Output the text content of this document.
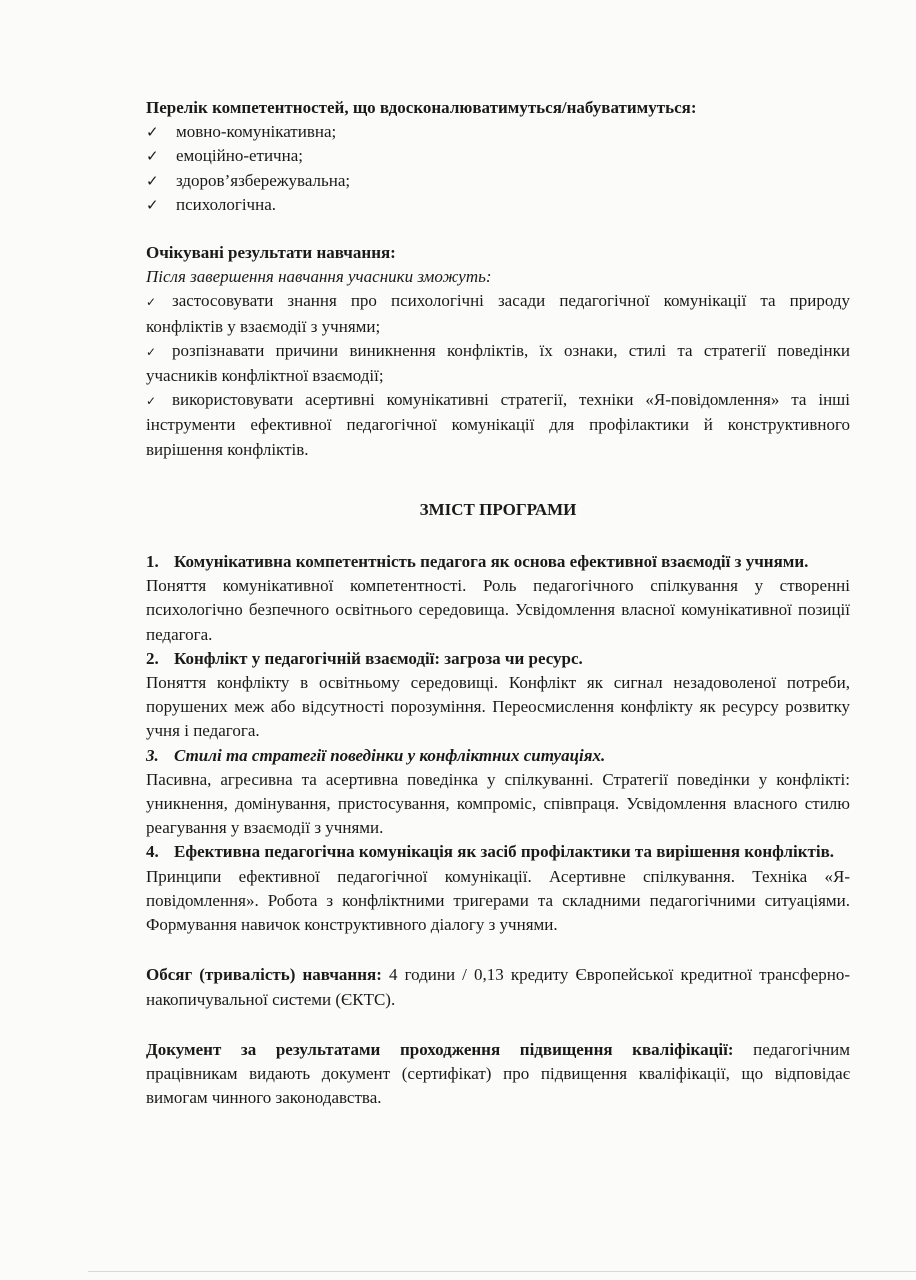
Перелік компетентностей, що вдосконалюватимуться/набуватимуться:
✓	мовно-комунікативна;
✓	емоційно-етична;
✓	здоров’язбережувальна;
✓	психологічна.
Очікувані результати навчання:
Після завершення навчання учасники зможуть:
✓ застосовувати знання про психологічні засади педагогічної комунікації та природу конфліктів у взаємодії з учнями;
✓ розпізнавати причини виникнення конфліктів, їх ознаки, стилі та стратегії поведінки учасників конфліктної взаємодії;
✓ використовувати асертивні комунікативні стратегії, техніки «Я-повідомлення» та інші інструменти ефективної педагогічної комунікації для профілактики й конструктивного вирішення конфліктів.
ЗМІСТ ПРОГРАМИ
1. Комунікативна компетентність педагога як основа ефективної взаємодії з учнями.
Поняття комунікативної компетентності. Роль педагогічного спілкування у створенні психологічно безпечного освітнього середовища. Усвідомлення власної комунікативної позиції педагога.
2. Конфлікт у педагогічній взаємодії: загроза чи ресурс.
Поняття конфлікту в освітньому середовищі. Конфлікт як сигнал незадоволеної потреби, порушених меж або відсутності порозуміння. Переосмислення конфлікту як ресурсу розвитку учня і педагога.
3. Стилі та стратегії поведінки у конфліктних ситуаціях.
Пасивна, агресивна та асертивна поведінка у спілкуванні. Стратегії поведінки у конфлікті: уникнення, домінування, пристосування, компроміс, співпраця. Усвідомлення власного стилю реагування у взаємодії з учнями.
4. Ефективна педагогічна комунікація як засіб профілактики та вирішення конфліктів.
Принципи ефективної педагогічної комунікації. Асертивне спілкування. Техніка «Я-повідомлення». Робота з конфліктними тригерами та складними педагогічними ситуаціями. Формування навичок конструктивного діалогу з учнями.
Обсяг (тривалість) навчання: 4 години / 0,13 кредиту Європейської кредитної трансферно-накопичувальної системи (ЄКТС).
Документ за результатами проходження підвищення кваліфікації: педагогічним працівникам видають документ (сертифікат) про підвищення кваліфікації, що відповідає вимогам чинного законодавства.
